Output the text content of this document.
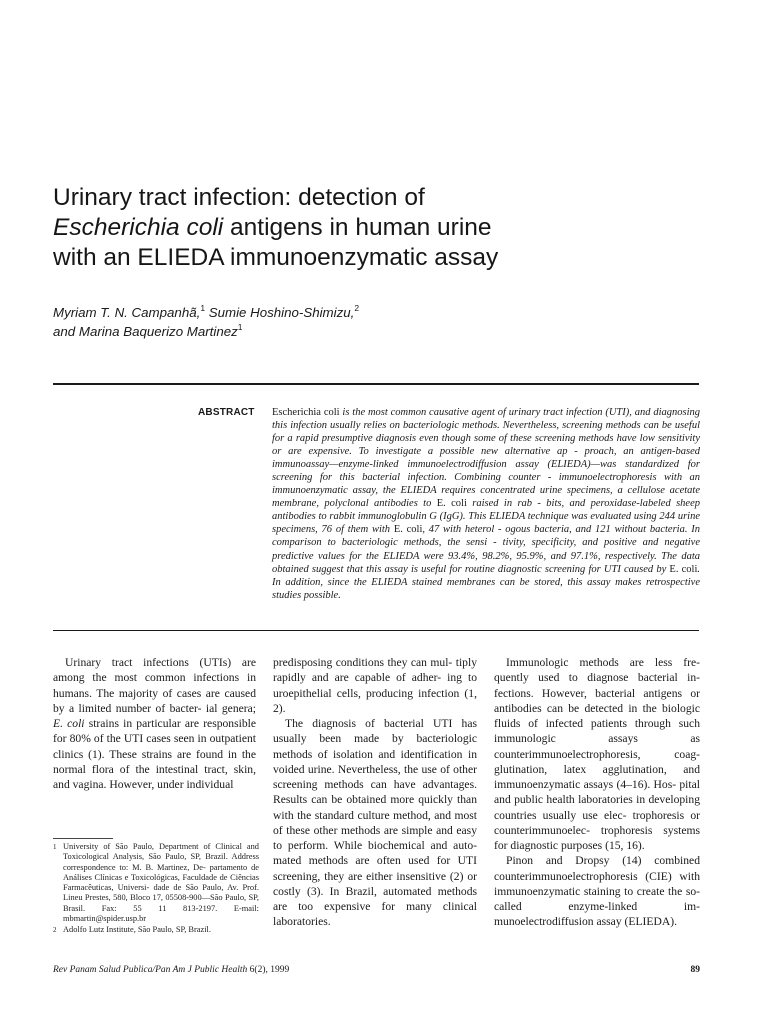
Urinary tract infection: detection of
Escherichia coli antigens in human urine
with an ELIEDA immunoenzymatic assay
Myriam T. N. Campanhã,$^1$ Sumie Hoshino-Shimizu,$^2$
and Marina Baquerizo Martinez$^1$
ABSTRACT Escherichia coli is the most common causative agent of urinary tract infection (UTI), and diagnosing this infection usually relies on bacteriologic methods. Nevertheless, screening methods can be useful for a rapid presumptive diagnosis even though some of these screening methods have low sensitivity or are expensive. To investigate a possible new alternative ap - proach, an antigen-based immunoassay—enzyme-linked immunoelectrodiffusion assay (ELIEDA)—was standardized for screening for this bacterial infection. Combining counter - immunoelectrophoresis with an immunoenzymatic assay, the ELIEDA requires concentrated urine specimens, a cellulose acetate membrane, polyclonal antibodies to E. coli raised in rab - bits, and peroxidase-labeled sheep antibodies to rabbit immunoglobulin G (IgG). This ELIEDA technique was evaluated using 244 urine specimens, 76 of them with E. coli, 47 with heterol - ogous bacteria, and 121 without bacteria. In comparison to bacteriologic methods, the sensi - tivity, specificity, and positive and negative predictive values for the ELIEDA were 93.4%, 98.2%, 95.9%, and 97.1%, respectively. The data obtained suggest that this assay is useful for routine diagnostic screening for UTI caused by E. coli. In addition, since the ELIEDA stained membranes can be stored, this assay makes retrospective studies possible.

Urinary tract infections (UTIs) are among the most common infections in humans. The majority of cases are caused by a limited number of bacter- ial genera; E. coli strains in particular are responsible for 80% of the UTI cases seen in outpatient clinics (1). These strains are found in the normal flora of the intestinal tract, skin, and vagina. However, under individual

1 University of São Paulo, Department of Clinical and Toxicological Analysis, São Paulo, SP, Brazil. Address correspondence to: M. B. Martinez, De- partamento de Análises Clínicas e Toxicológicas, Faculdade de Ciências Farmacêuticas, Universi- dade de São Paulo, Av. Prof. Lineu Prestes, 580, Bloco 17, 05508-900—São Paulo, SP, Brasil. Fax: 55 11 813-2197. E-mail: mbmartin@spider.usp.br
2 Adolfo Lutz Institute, São Paulo, SP, Brazil.

predisposing conditions they can mul- tiply rapidly and are capable of adher- ing to uroepithelial cells, producing infection (1, 2).

The diagnosis of bacterial UTI has usually been made by bacteriologic methods of isolation and identification in voided urine. Nevertheless, the use of other screening methods can have advantages. Results can be obtained more quickly than with the standard culture method, and most of these other methods are simple and easy to perform. While biochemical and auto- mated methods are often used for UTI screening, they are either insensitive (2) or costly (3). In Brazil, automated methods are too expensive for many clinical laboratories.

Immunologic methods are less fre- quently used to diagnose bacterial in- fections. However, bacterial antigens or antibodies can be detected in the biologic fluids of infected patients through such immunologic assays as counterimmunoelectrophoresis, coag- glutination, latex agglutination, and immunoenzymatic assays (4–16). Hos- pital and public health laboratories in developing countries usually use elec- trophoresis or counterimmunoelec- trophoresis systems for diagnostic purposes (15, 16).

Pinon and Dropsy (14) combined counterimmunoelectrophoresis (CIE) with immunoenzymatic staining to create the so-called enzyme-linked im- munoelectrodiffusion assay (ELIEDA).

Rev Panam Salud Publica/Pan Am J Public Health 6(2), 1999	89
